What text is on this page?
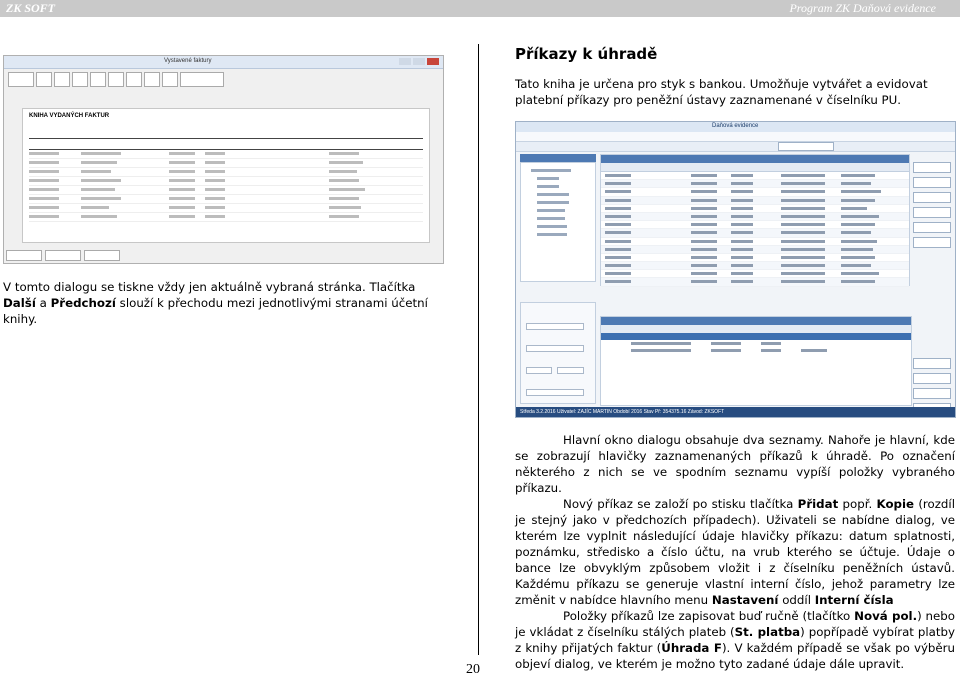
ZK SOFT	Program ZK Daňová evidence
Vystavené faktury
KNIHA VYDANÝCH FAKTUR

Příkazy k úhradě

Tato kniha je určena pro styk s bankou. Umožňuje vytvářet a evidovat platební příkazy pro peněžní ústavy zaznamenané v číselníku PU.

Daňová evidence
Středa 3.2.2016 Uživatel: ZAJÍC MARTIN Období 2016 Stav Př: 354375.16 Závod: ZKSOFT

V tomto dialogu se tiskne vždy jen aktuálně vybraná stránka. Tlačítka Další a Předchozí slouží k přechodu mezi jednotlivými stranami účetní knihy.

Hlavní okno dialogu obsahuje dva seznamy. Nahoře je hlavní, kde se zobrazují hlavičky zaznamenaných příkazů k úhradě. Po označení některého z nich se ve spodním seznamu vypíší položky vybraného příkazu.
Nový příkaz se založí po stisku tlačítka Přidat popř. Kopie (rozdíl je stejný jako v předchozích případech). Uživateli se nabídne dialog, ve kterém lze vyplnit následující údaje hlavičky příkazu: datum splatnosti, poznámku, středisko a číslo účtu, na vrub kterého se účtuje. Údaje o bance lze obvyklým způsobem vložit i z číselníku peněžních ústavů. Každému příkazu se generuje vlastní interní číslo, jehož parametry lze změnit v nabídce hlavního menu Nastavení oddíl Interní čísla
Položky příkazů lze zapisovat buď ručně (tlačítko Nová pol.) nebo je vkládat z číselníku stálých plateb (St. platba) popřípadě vybírat platby z knihy přijatých faktur (Úhrada F). V každém případě se však po výběru objeví dialog, ve kterém je možno tyto zadané údaje dále upravit.
20
